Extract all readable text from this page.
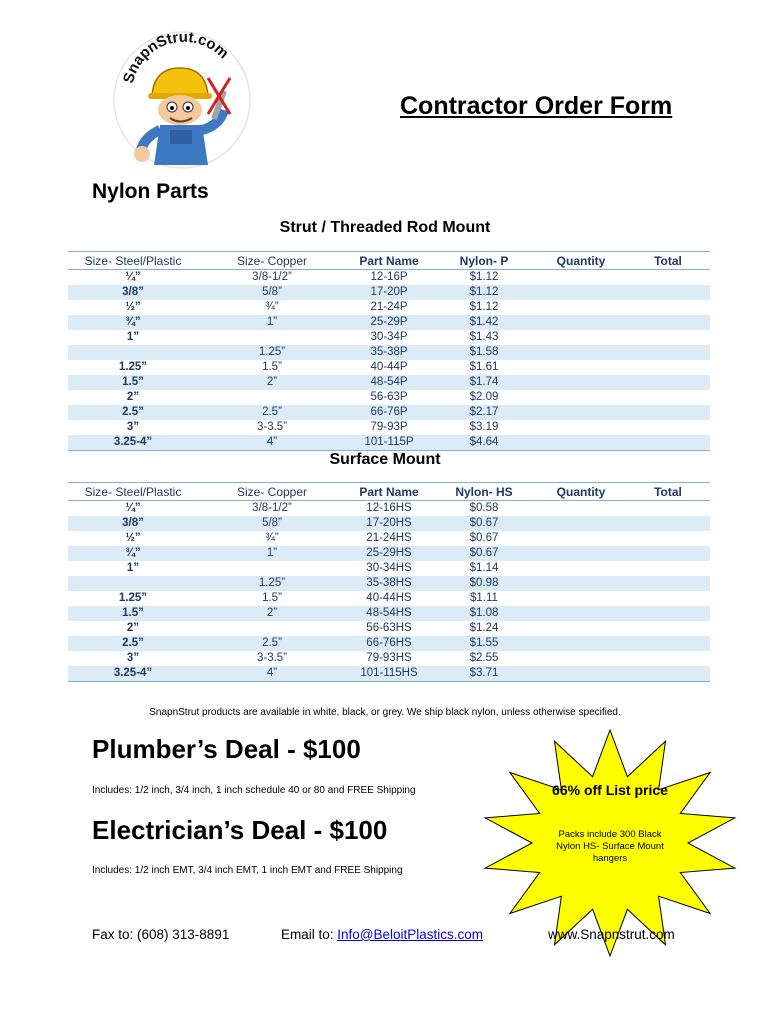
SnapnStrut.com
Contractor Order Form
Nylon Parts
Strut / Threaded Rod Mount
Size- Steel/Plastic	Size- Copper	Part Name	Nylon- P	Quantity	Total
¼”	3/8-1/2”	12-16P	$1.12		
3/8”	5/8”	17-20P	$1.12		
½”	¾”	21-24P	$1.12		
¾”	1”	25-29P	$1.42		
1”		30-34P	$1.43		
	1.25”	35-38P	$1.58		
1.25”	1.5”	40-44P	$1.61		
1.5”	2”	48-54P	$1.74		
2”		56-63P	$2.09		
2.5”	2.5”	66-76P	$2.17		
3”	3-3.5”	79-93P	$3.19		
3.25-4”	4”	101-115P	$4.64		
Surface Mount
Size- Steel/Plastic	Size- Copper	Part Name	Nylon- HS	Quantity	Total
¼”	3/8-1/2”	12-16HS	$0.58		
3/8”	5/8”	17-20HS	$0.67		
½”	¾”	21-24HS	$0.67		
¾”	1”	25-29HS	$0.67		
1”		30-34HS	$1.14		
	1.25”	35-38HS	$0.98		
1.25”	1.5”	40-44HS	$1.11		
1.5”	2”	48-54HS	$1.08		
2”		56-63HS	$1.24		
2.5”	2.5”	66-76HS	$1.55		
3”	3-3.5”	79-93HS	$2.55		
3.25-4”	4”	101-115HS	$3.71		
SnapnStrut products are available in white, black, or grey. We ship black nylon, unless otherwise specified.
Plumber’s Deal - $100
Includes: 1/2 inch, 3/4 inch, 1 inch schedule 40 or 80 and FREE Shipping
Electrician’s Deal - $100
Includes: 1/2 inch EMT, 3/4 inch EMT, 1 inch EMT and FREE Shipping
66% off List price
Packs include 300 Black Nylon HS- Surface Mount hangers
Fax to: (608) 313-8891	Email to: Info@BeloitPlastics.com	www.Snapnstrut.com
